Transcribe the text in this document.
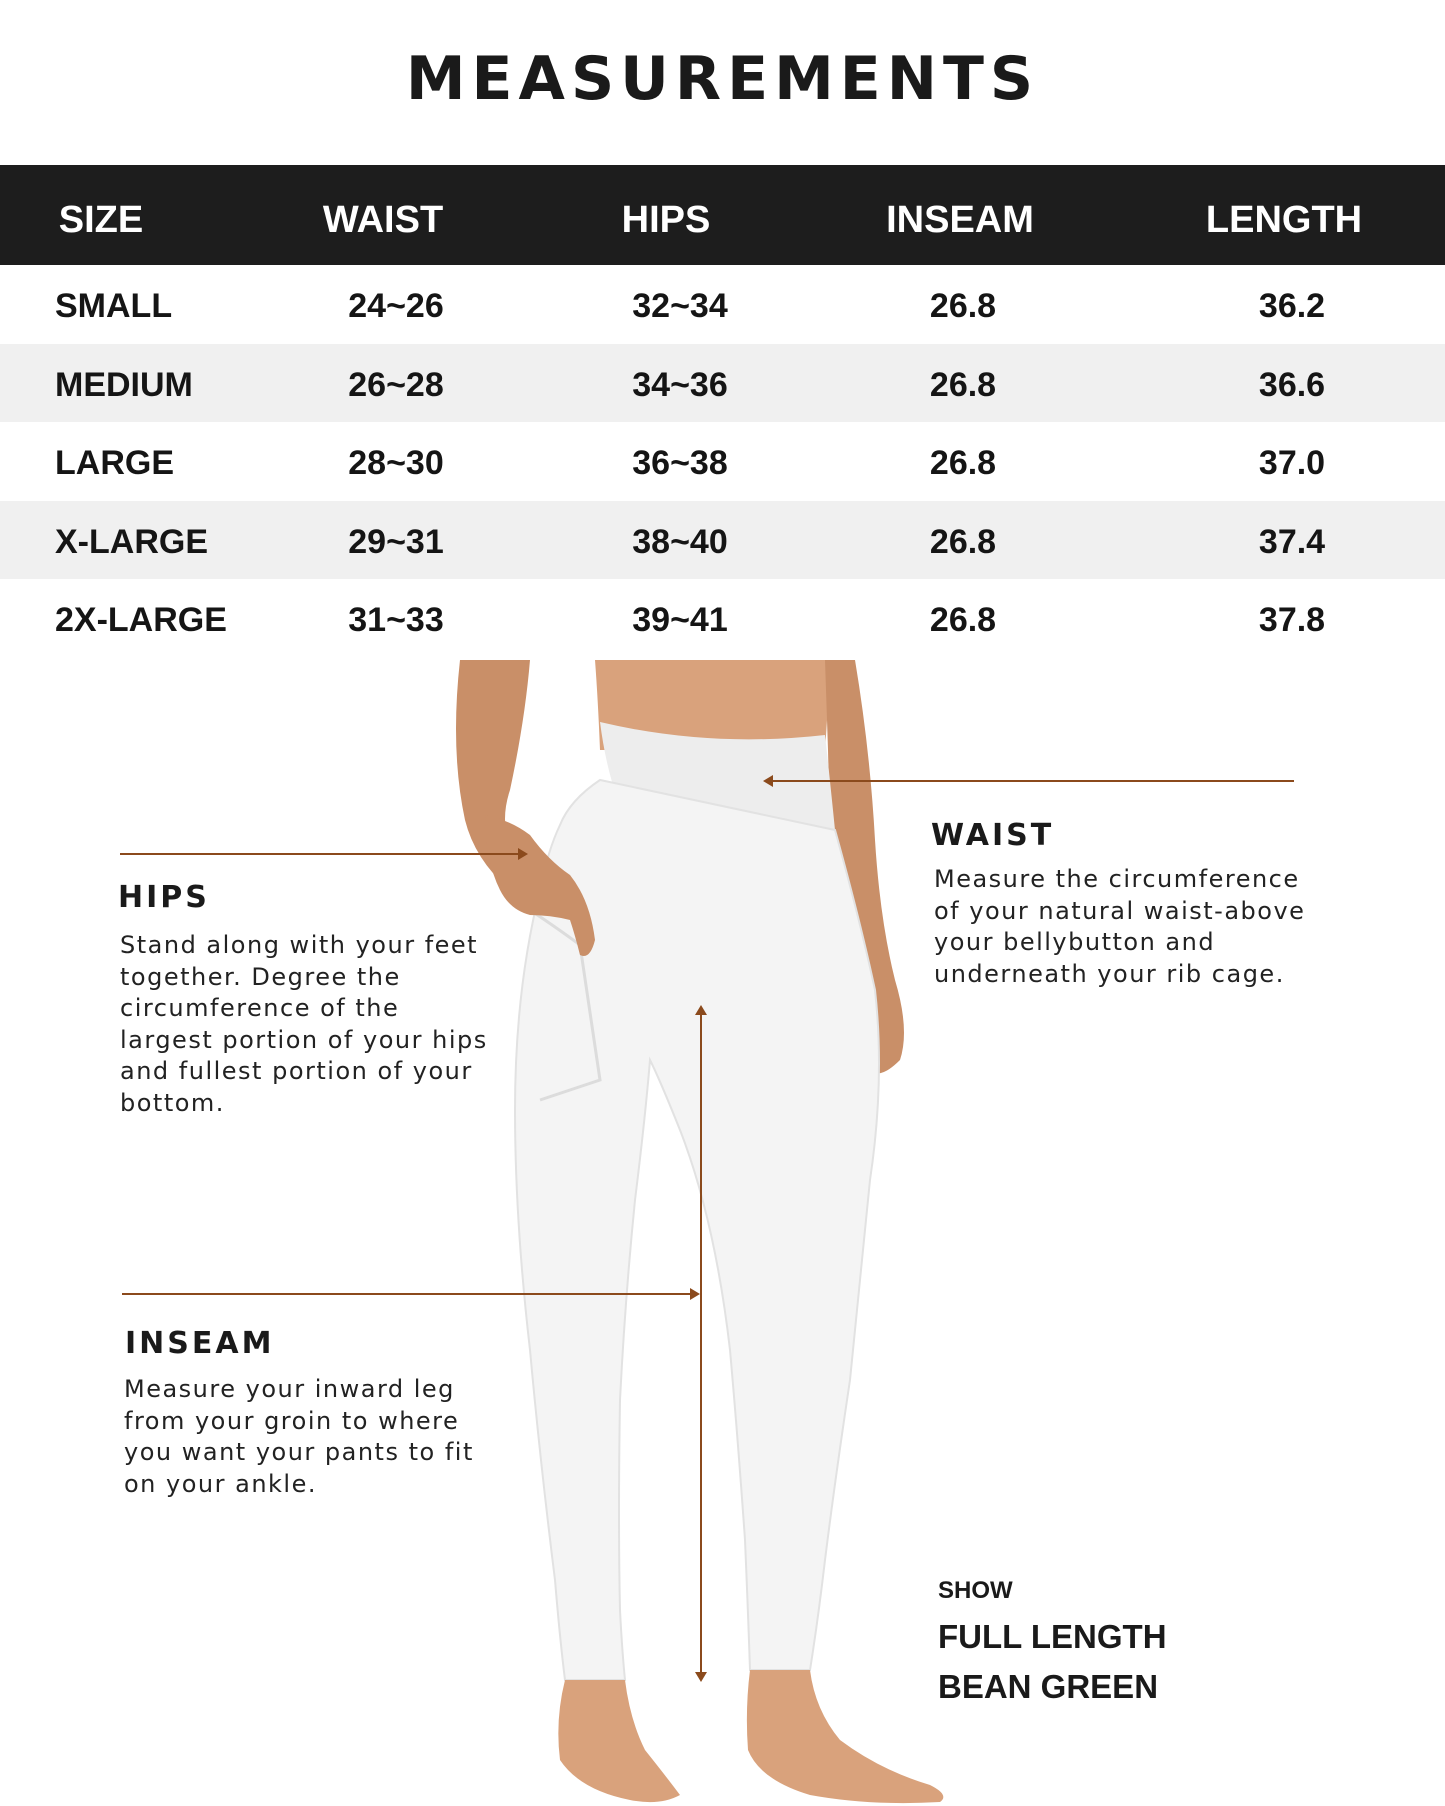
MEASUREMENTS
SIZE	WAIST	HIPS	INSEAM	LENGTH
SMALL	24~26	32~34	26.8	36.2
MEDIUM	26~28	34~36	26.8	36.6
LARGE	28~30	36~38	26.8	37.0
X-LARGE	29~31	38~40	26.8	37.4
2X-LARGE	31~33	39~41	26.8	37.8
WAIST
Measure the circumference
of your natural waist-above
your bellybutton and
underneath your rib cage.
HIPS
Stand along with your feet
together. Degree the
circumference of the
largest portion of your hips
and fullest portion of your
bottom.
INSEAM
Measure your inward leg
from your groin to where
you want your pants to fit
on your ankle.
SHOW
FULL LENGTH
BEAN GREEN
